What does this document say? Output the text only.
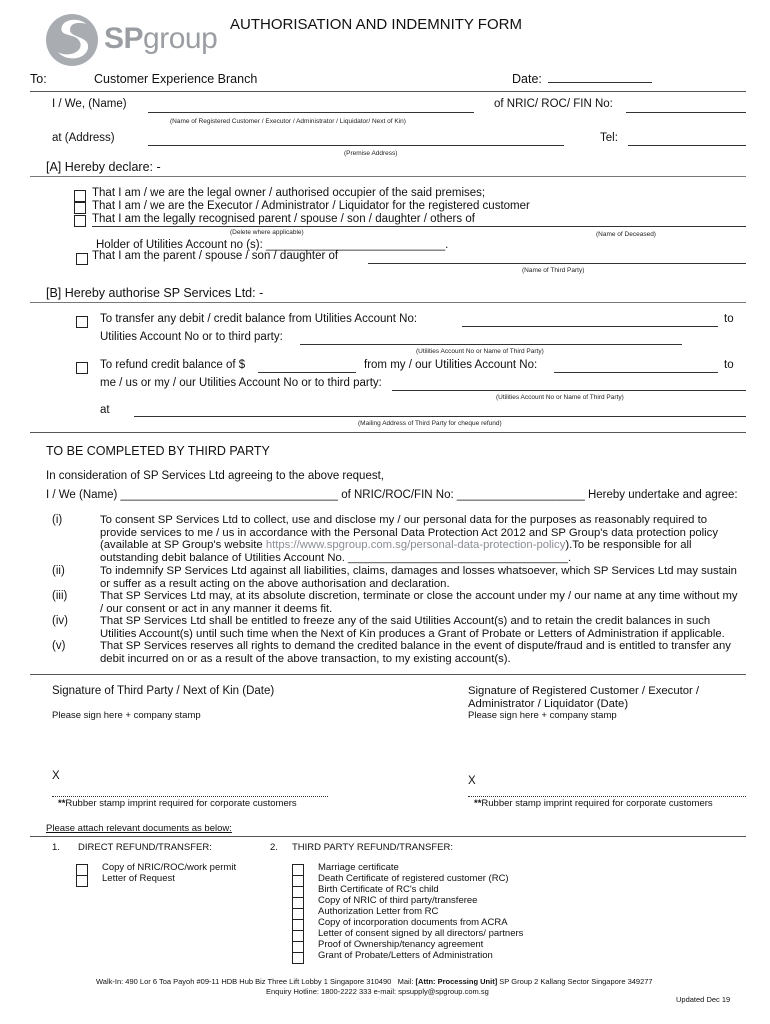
SPgroup AUTHORISATION AND INDEMNITY FORM
To:	Customer Experience Branch	Date:
I / We, (Name)	of NRIC/ ROC/ FIN No:
(Name of Registered Customer / Executor / Administrator / Liquidator/ Next of Kin)
at (Address)	Tel:
(Premise Address)
[A] Hereby declare: -
That I am / we are the legal owner / authorised occupier of the said premises;
That I am / we are the Executor / Administrator / Liquidator for the registered customer
That I am the legally recognised parent / spouse / son / daughter / others of
(Delete where applicable)	(Name of Deceased)
Holder of Utilities Account no (s): ____________________________.
That I am the parent / spouse / son / daughter of
(Name of Third Party)
[B] Hereby authorise SP Services Ltd: -
To transfer any debit / credit balance from Utilities Account No:	to
Utilities Account No or to third party:
(Utilities Account No or Name of Third Party)
To refund credit balance of $	from my / our Utilities Account No:	to
me / us or my / our Utilities Account No or to third party:
(Utilities Account No or Name of Third Party)
at
(Mailing Address of Third Party for cheque refund)
TO BE COMPLETED BY THIRD PARTY
In consideration of SP Services Ltd agreeing to the above request,
I / We (Name) __________________________________ of NRIC/ROC/FIN No: ____________________ Hereby undertake and agree:
(i)	To consent SP Services Ltd to collect, use and disclose my / our personal data for the purposes as reasonably required to provide services to me / us in accordance with the Personal Data Protection Act 2012 and SP Group's data protection policy (available at SP Group's website https://www.spgroup.com.sg/personal-data-protection-policy).To be responsible for all outstanding debit balance of Utilities Account No. ___________________________________.
(ii)	To indemnify SP Services Ltd against all liabilities, claims, damages and losses whatsoever, which SP Services Ltd may sustain or suffer as a result acting on the above authorisation and declaration.
(iii)	That SP Services Ltd may, at its absolute discretion, terminate or close the account under my / our name at any time without my / our consent or act in any manner it deems fit.
(iv)	That SP Services Ltd shall be entitled to freeze any of the said Utilities Account(s) and to retain the credit balances in such Utilities Account(s) until such time when the Next of Kin produces a Grant of Probate or Letters of Administration if applicable.
(v)	That SP Services reserves all rights to demand the credited balance in the event of dispute/fraud and is entitled to transfer any debit incurred on or as a result of the above transaction, to my existing account(s).
Signature of Third Party / Next of Kin (Date)
Please sign here + company stamp
Signature of Registered Customer / Executor / Administrator / Liquidator (Date)
Please sign here + company stamp
X
**Rubber stamp imprint required for corporate customers
X
**Rubber stamp imprint required for corporate customers
Please attach relevant documents as below:
1. DIRECT REFUND/TRANSFER:	2. THIRD PARTY REFUND/TRANSFER:
Copy of NRIC/ROC/work permit
Letter of Request
Marriage certificate
Death Certificate of registered customer (RC)
Birth Certificate of RC's child
Copy of NRIC of third party/transferee
Authorization Letter from RC
Copy of incorporation documents from ACRA
Letter of consent signed by all directors/ partners
Proof of Ownership/tenancy agreement
Grant of Probate/Letters of Administration
Walk-In: 490 Lor 6 Toa Payoh #09-11 HDB Hub Biz Three Lift Lobby 1 Singapore 310490 Mail: [Attn: Processing Unit] SP Group 2 Kallang Sector Singapore 349277
Enquiry Hotline: 1800-2222 333 e-mail: spsupply@spgroup.com.sg
Updated Dec 19
